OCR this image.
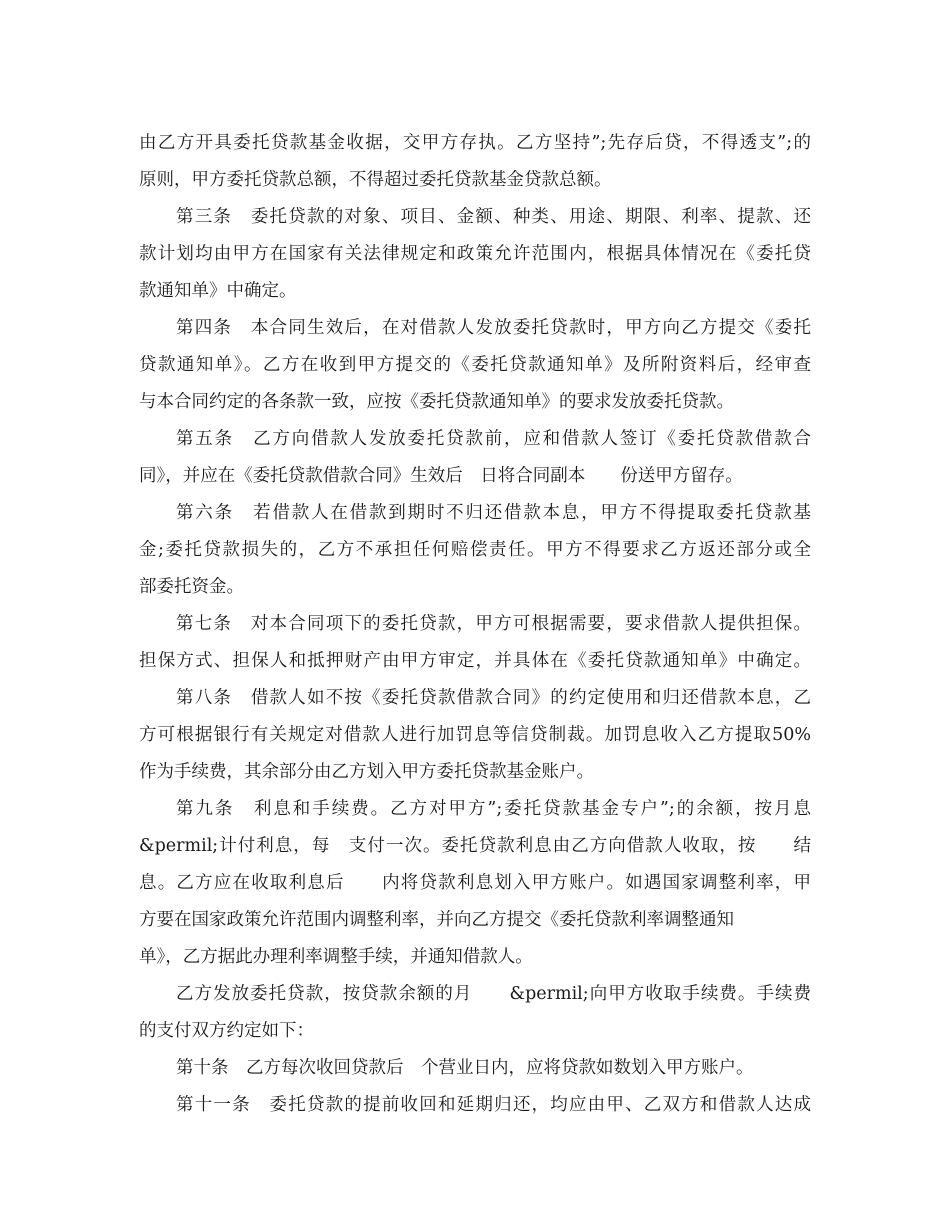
由乙方开具委托贷款基金收据，交甲方存执。乙方坚持”;先存后贷，不得透支”;的
原则，甲方委托贷款总额，不得超过委托贷款基金贷款总额。
第三条　委托贷款的对象、项目、金额、种类、用途、期限、利率、提款、还
款计划均由甲方在国家有关法律规定和政策允许范围内，根据具体情况在《委托贷
款通知单》中确定。
第四条　本合同生效后，在对借款人发放委托贷款时，甲方向乙方提交《委托
贷款通知单》。乙方在收到甲方提交的《委托贷款通知单》及所附资料后，经审查
与本合同约定的各条款一致，应按《委托贷款通知单》的要求发放委托贷款。
第五条　乙方向借款人发放委托贷款前，应和借款人签订《委托贷款借款合
同》，并应在《委托贷款借款合同》生效后　日将合同副本　　份送甲方留存。
第六条　若借款人在借款到期时不归还借款本息，甲方不得提取委托贷款基
金;委托贷款损失的，乙方不承担任何赔偿责任。甲方不得要求乙方返还部分或全
部委托资金。
第七条　对本合同项下的委托贷款，甲方可根据需要，要求借款人提供担保。
担保方式、担保人和抵押财产由甲方审定，并具体在《委托贷款通知单》中确定。
第八条　借款人如不按《委托贷款借款合同》的约定使用和归还借款本息，乙
方可根据银行有关规定对借款人进行加罚息等信贷制裁。加罚息收入乙方提取50%
作为手续费，其余部分由乙方划入甲方委托贷款基金账户。
第九条　利息和手续费。乙方对甲方”;委托贷款基金专户”;的余额，按月息
&permil;计付利息，每　支付一次。委托贷款利息由乙方向借款人收取，按　　结
息。乙方应在收取利息后　　内将贷款利息划入甲方账户。如遇国家调整利率，甲
方要在国家政策允许范围内调整利率，并向乙方提交《委托贷款利率调整通知
单》，乙方据此办理利率调整手续，并通知借款人。
乙方发放委托贷款，按贷款余额的月　　&permil;向甲方收取手续费。手续费
的支付双方约定如下：
第十条　乙方每次收回贷款后　个营业日内，应将贷款如数划入甲方账户。
第十一条　委托贷款的提前收回和延期归还，均应由甲、乙双方和借款人达成
